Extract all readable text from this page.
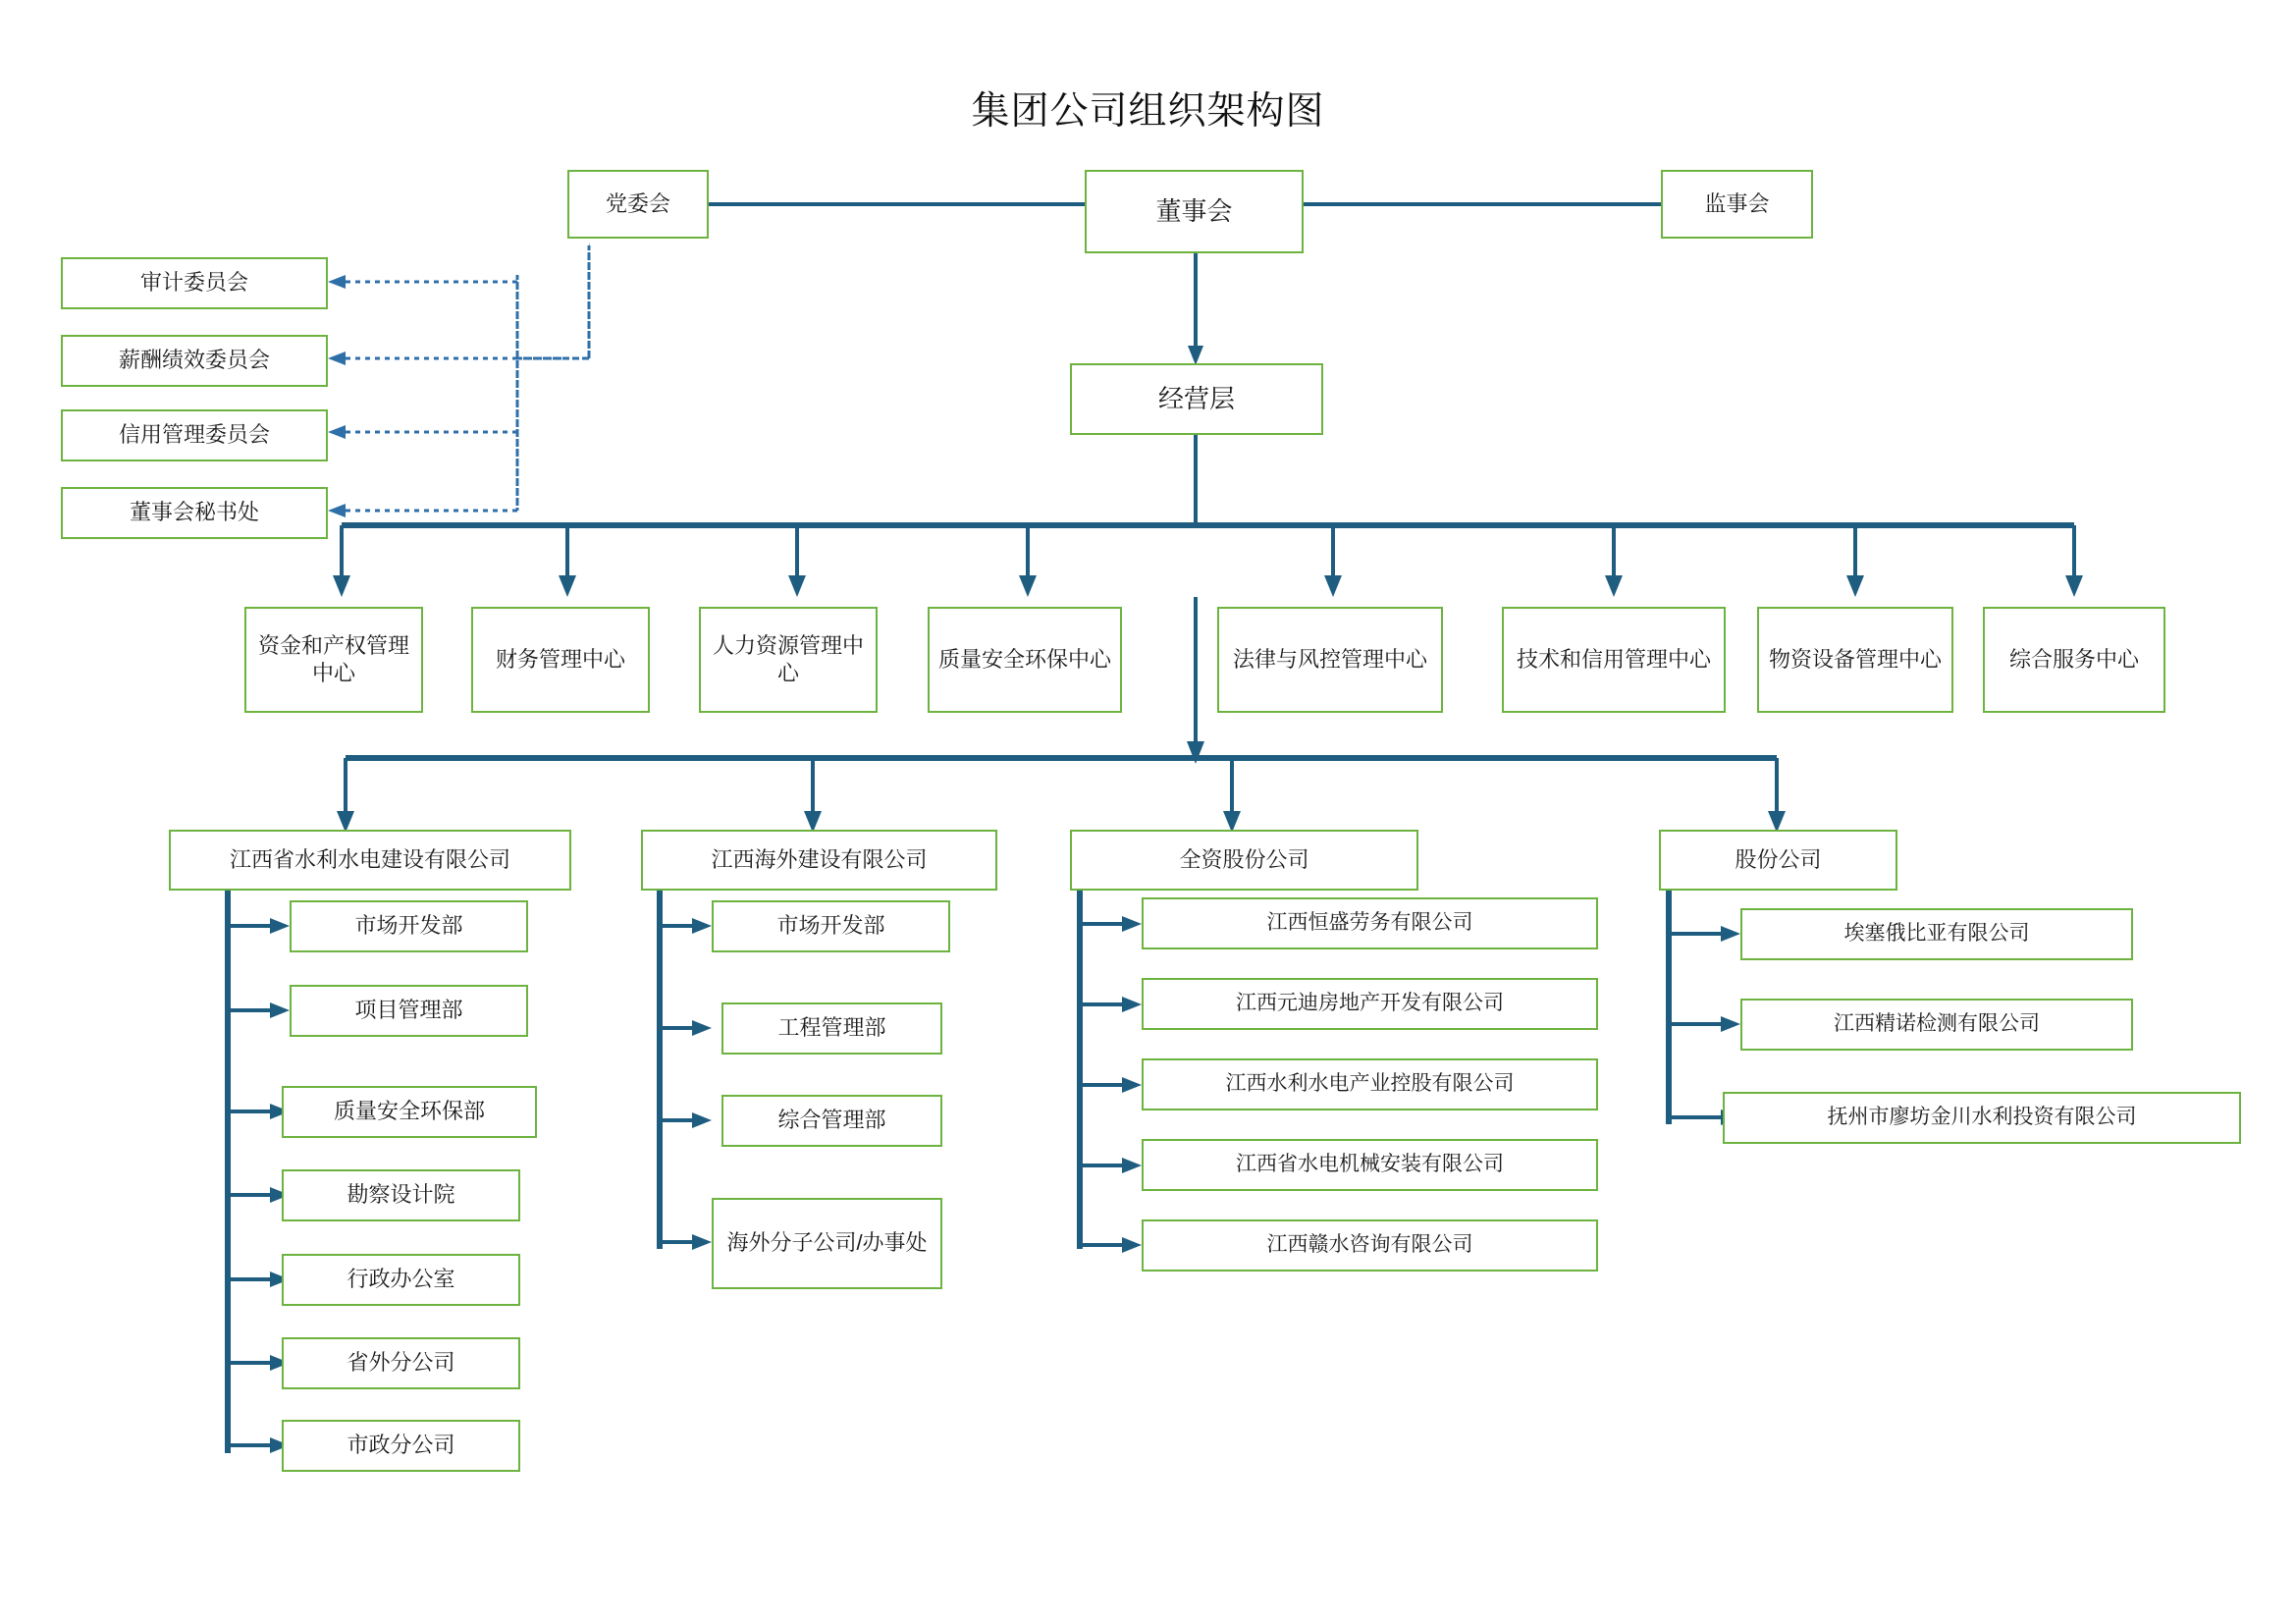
集团公司组织架构图
党委会	董事会	监事会
经营层
审计委员会
薪酬绩效委员会
信用管理委员会
董事会秘书处
资金和产权管理中心
财务管理中心
人力资源管理中心
质量安全环保中心	法律与风控管理中心	技术和信用管理中心	物资设备管理中心	综合服务中心
江西省水利水电建设有限公司	江西海外建设有限公司	全资股份公司	股份公司
市场开发部
项目管理部
质量安全环保部
勘察设计院
行政办公室
省外分公司
市政分公司
市场开发部
工程管理部
综合管理部
海外分子公司/办事处
江西恒盛劳务有限公司
江西元迪房地产开发有限公司
江西水利水电产业控股有限公司
江西省水电机械安装有限公司
江西赣水咨询有限公司
埃塞俄比亚有限公司
江西精诺检测有限公司
抚州市廖坊金川水利投资有限公司
